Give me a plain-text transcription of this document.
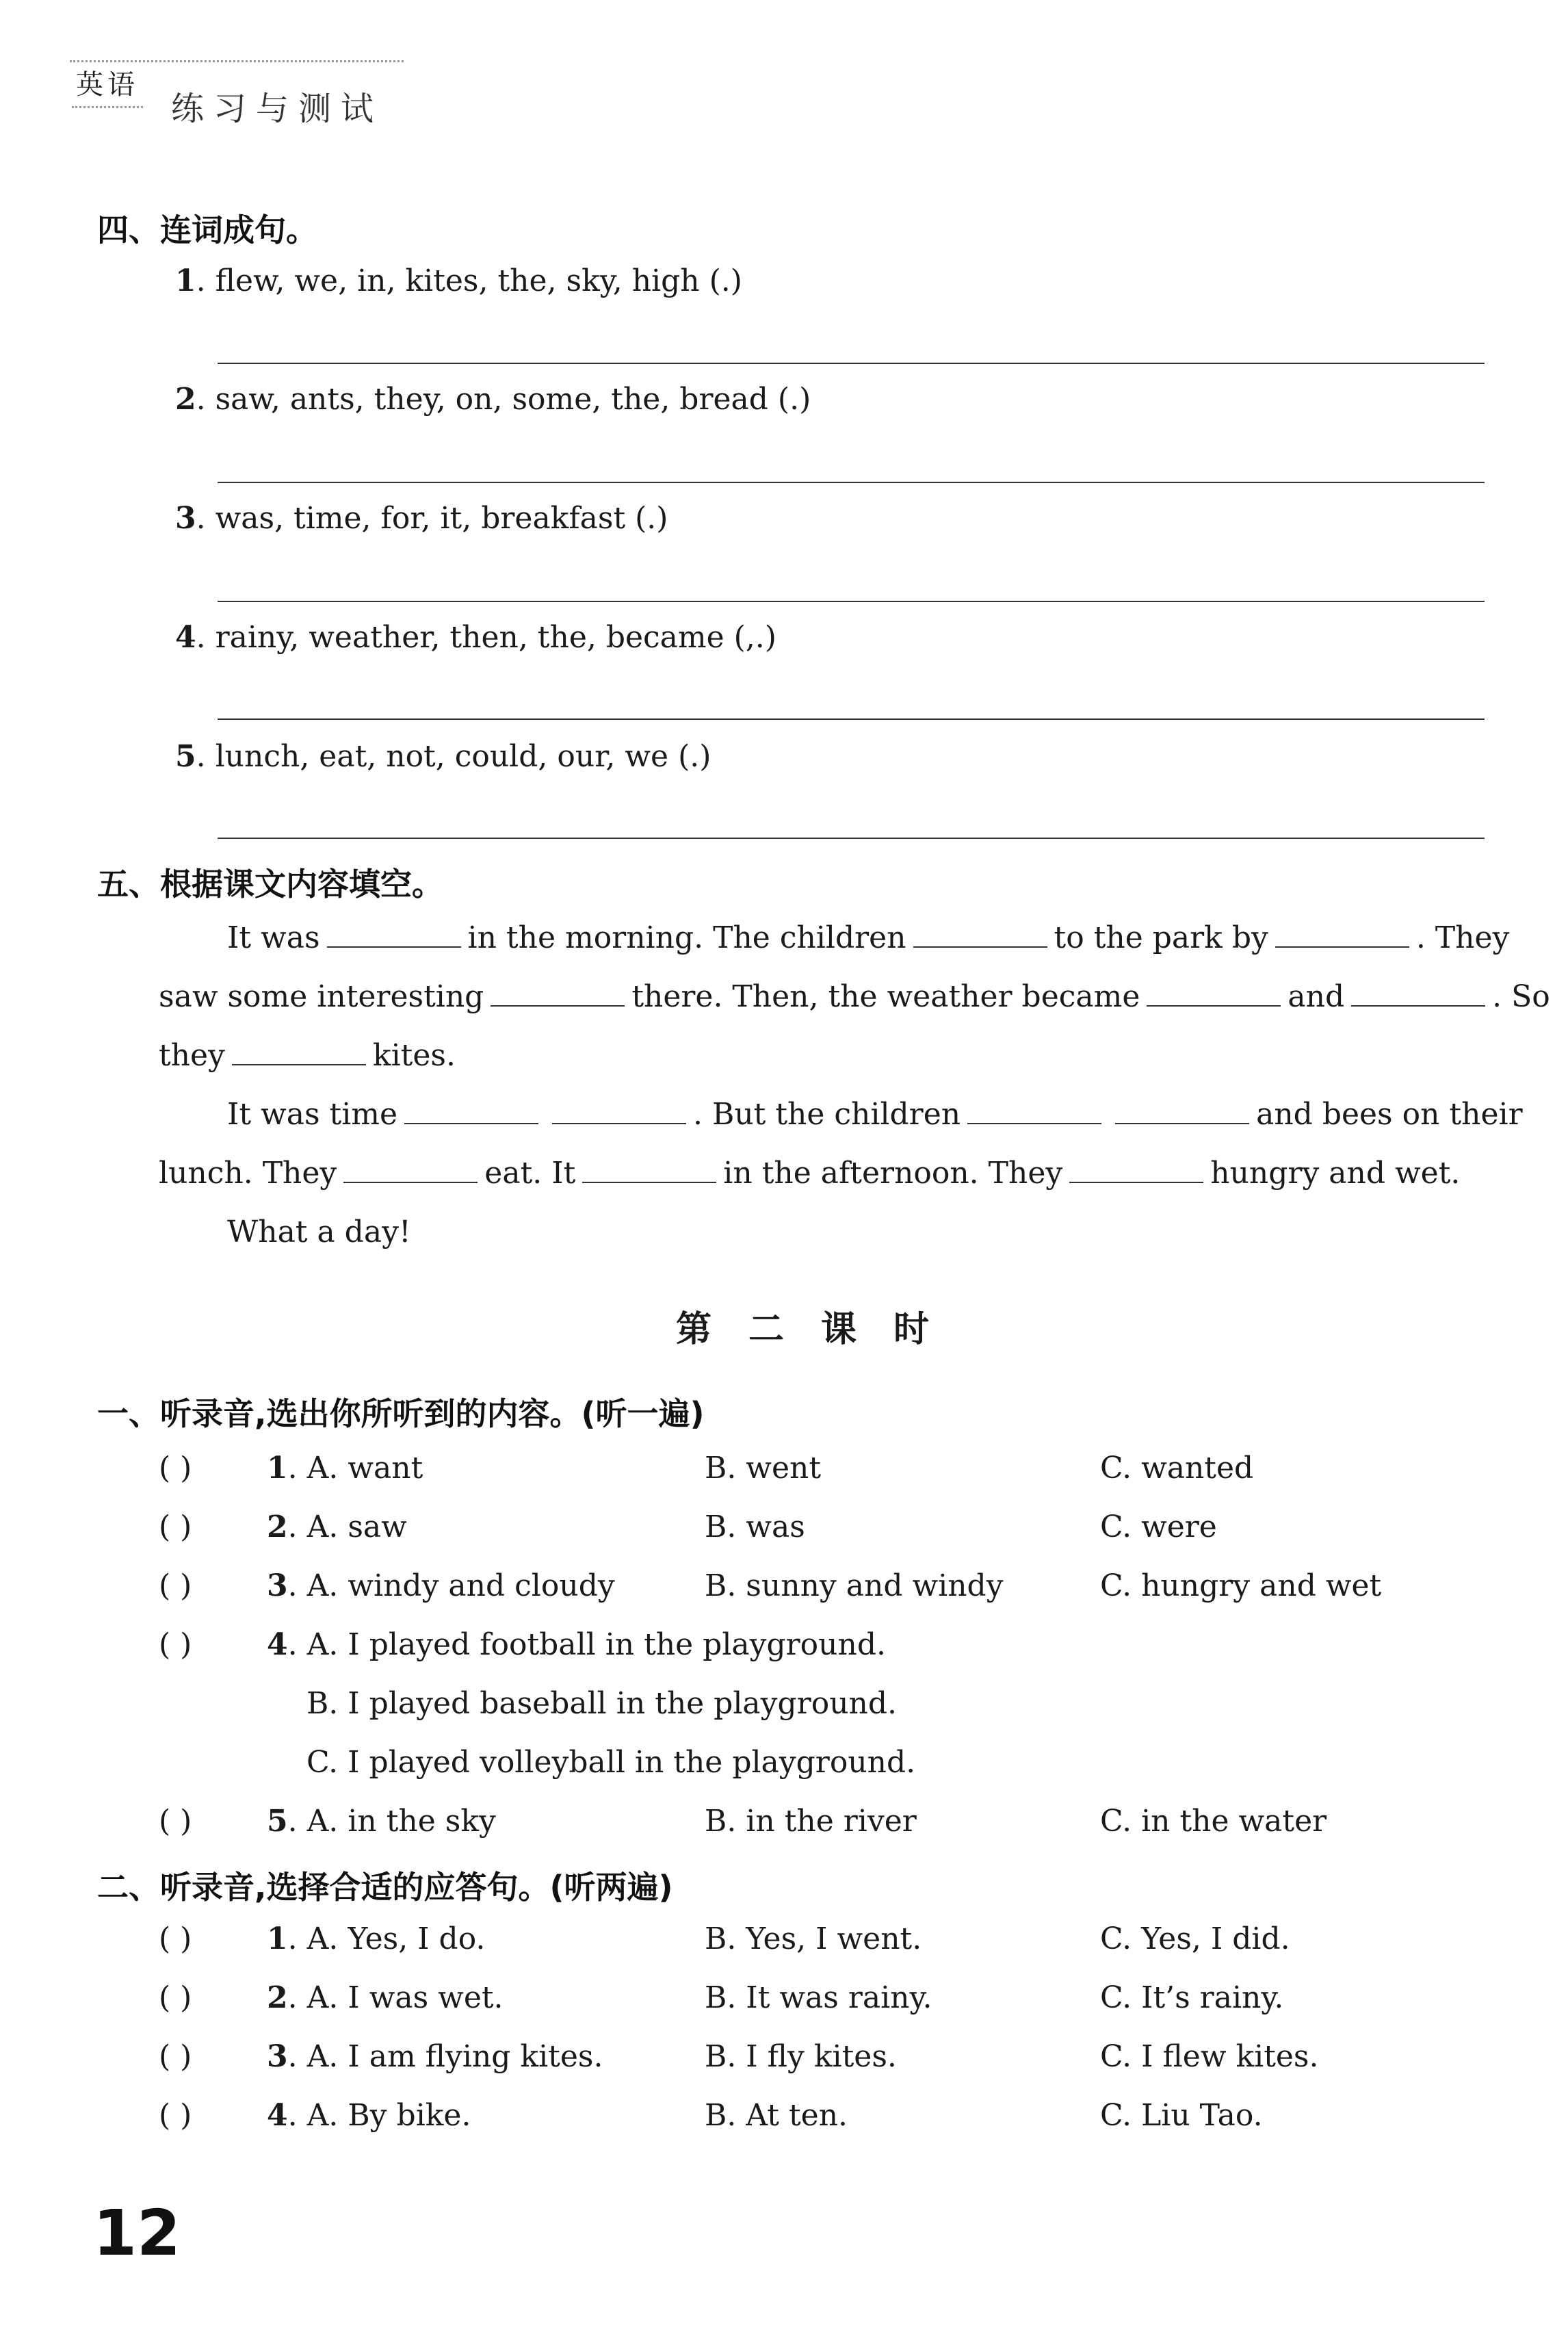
英语
练习与测试
四、连词成句。
1. flew, we, in, kites, the, sky, high (.)
2. saw, ants, they, on, some, the, bread (.)
3. was, time, for, it, breakfast (.)
4. rainy, weather, then, the, became (,.)
5. lunch, eat, not, could, our, we (.)
五、根据课文内容填空。
It was	in the morning. The children	to the park by	. They
saw some interesting	there. Then, the weather became	and	. So
they	kites.
It was time	. But the children	and bees on their
lunch. They	eat. It	in the afternoon. They	hungry and wet.
What a day!
第二课时
一、听录音,选出你所听到的内容。(听一遍)
( ) 1. A. want	B. went	C. wanted
( ) 2. A. saw	B. was	C. were
( ) 3. A. windy and cloudy	B. sunny and windy	C. hungry and wet
( ) 4. A. I played football in the playground.
B. I played baseball in the playground.
C. I played volleyball in the playground.
( ) 5. A. in the sky	B. in the river	C. in the water
二、听录音,选择合适的应答句。(听两遍)
( ) 1. A. Yes, I do.	B. Yes, I went.	C. Yes, I did.
( ) 2. A. I was wet.	B. It was rainy.	C. It’s rainy.
( ) 3. A. I am flying kites.	B. I fly kites.	C. I flew kites.
( ) 4. A. By bike.	B. At ten.	C. Liu Tao.
12
